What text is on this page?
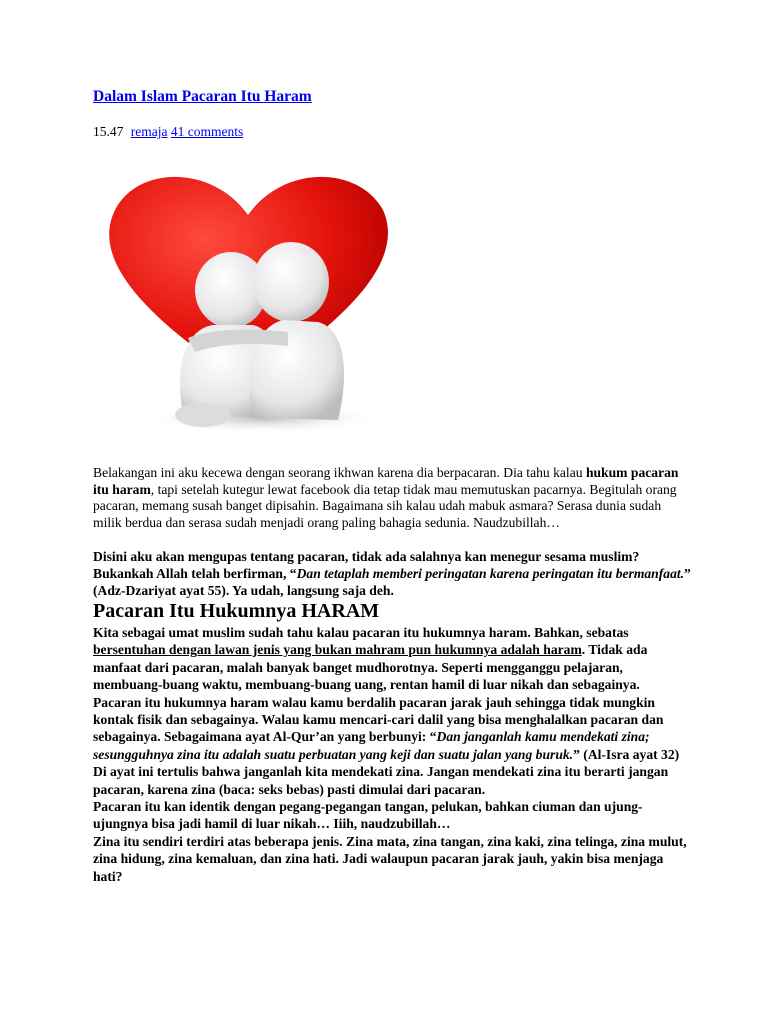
Dalam Islam Pacaran Itu Haram
15.47 remaja 41 comments
Belakangan ini aku kecewa dengan seorang ikhwan karena dia berpacaran. Dia tahu kalau hukum pacaran itu haram, tapi setelah kutegur lewat facebook dia tetap tidak mau memutuskan pacarnya. Begitulah orang pacaran, memang susah banget dipisahin. Bagaimana sih kalau udah mabuk asmara? Serasa dunia sudah milik berdua dan serasa sudah menjadi orang paling bahagia sedunia. Naudzubillah…
Disini aku akan mengupas tentang pacaran, tidak ada salahnya kan menegur sesama muslim? Bukankah Allah telah berfirman, “Dan tetaplah memberi peringatan karena peringatan itu bermanfaat.” (Adz-Dzariyat ayat 55). Ya udah, langsung saja deh.
Pacaran Itu Hukumnya HARAM

Kita sebagai umat muslim sudah tahu kalau pacaran itu hukumnya haram. Bahkan, sebatas bersentuhan dengan lawan jenis yang bukan mahram pun hukumnya adalah haram. Tidak ada manfaat dari pacaran, malah banyak banget mudhorotnya. Seperti mengganggu pelajaran, membuang-buang waktu, membuang-buang uang, rentan hamil di luar nikah dan sebagainya.

Pacaran itu hukumnya haram walau kamu berdalih pacaran jarak jauh sehingga tidak mungkin kontak fisik dan sebagainya. Walau kamu mencari-cari dalil yang bisa menghalalkan pacaran dan sebagainya. Sebagaimana ayat Al-Qur’an yang berbunyi: “Dan janganlah kamu mendekati zina; sesungguhnya zina itu adalah suatu perbuatan yang keji dan suatu jalan yang buruk.” (Al-Isra ayat 32)

Di ayat ini tertulis bahwa janganlah kita mendekati zina. Jangan mendekati zina itu berarti jangan pacaran, karena zina (baca: seks bebas) pasti dimulai dari pacaran.

Pacaran itu kan identik dengan pegang-pegangan tangan, pelukan, bahkan ciuman dan ujung-ujungnya bisa jadi hamil di luar nikah… Iiih, naudzubillah…

Zina itu sendiri terdiri atas beberapa jenis. Zina mata, zina tangan, zina kaki, zina telinga, zina mulut, zina hidung, zina kemaluan, dan zina hati. Jadi walaupun pacaran jarak jauh, yakin bisa menjaga hati?
